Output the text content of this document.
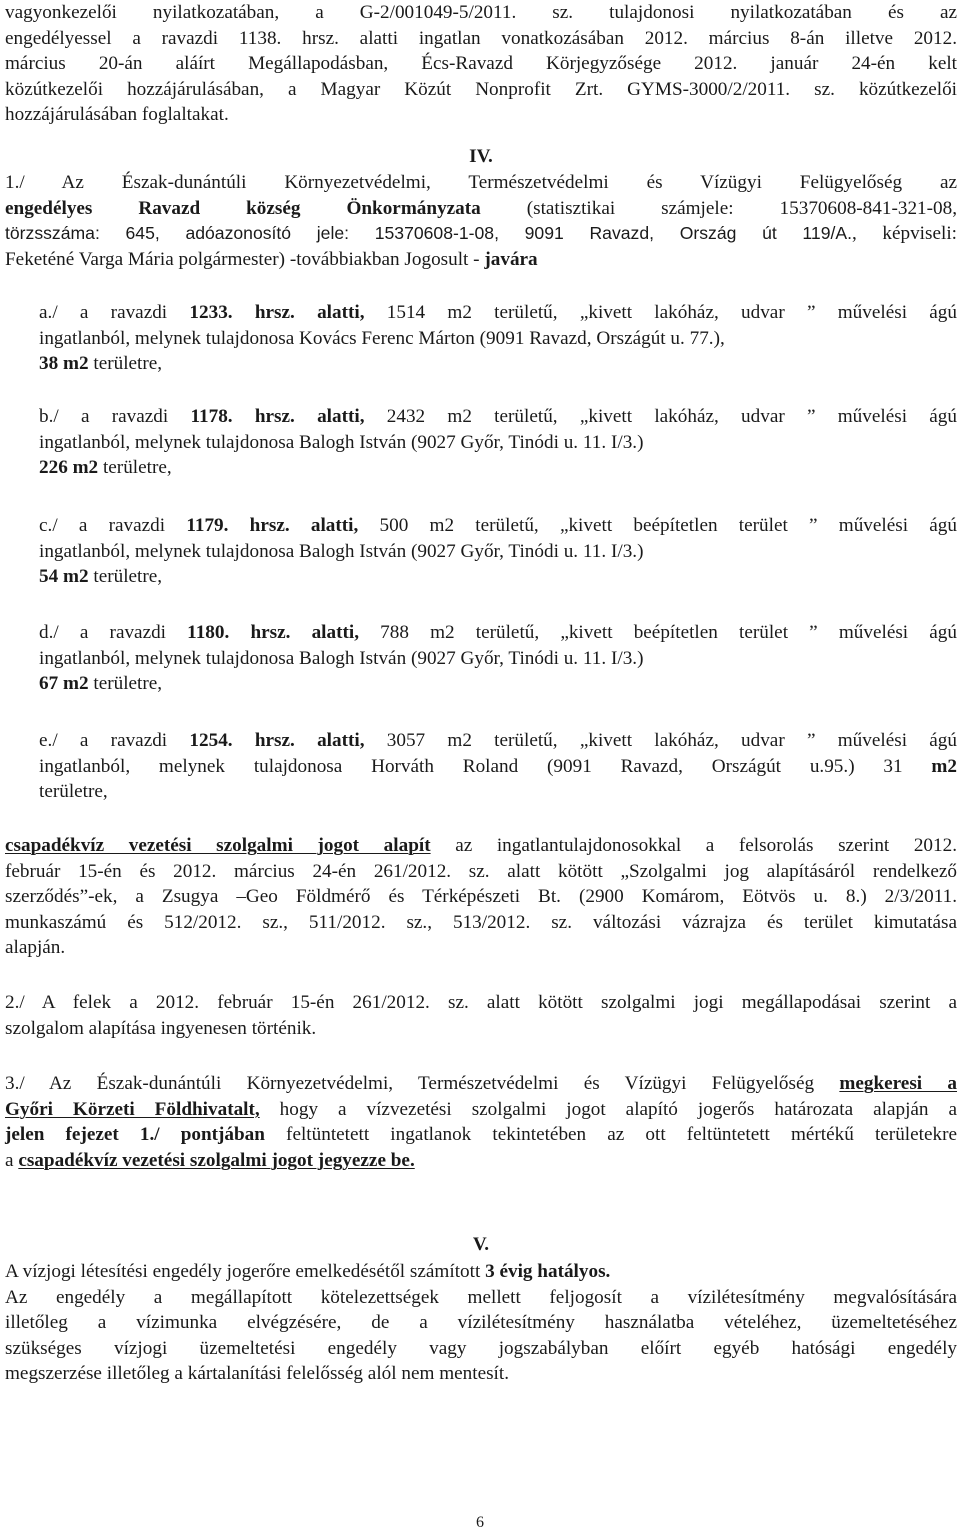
vagyonkezelői nyilatkozatában, a G-2/001049-5/2011. sz. tulajdonosi nyilatkozatában és az

engedélyessel a ravazdi 1138. hrsz. alatti ingatlan vonatkozásában 2012. március 8-án illetve 2012.

március 20-án aláírt Megállapodásban, Écs-Ravazd Körjegyzősége 2012. január 24-én kelt

közútkezelői hozzájárulásában, a Magyar Közút Nonprofit Zrt. GYMS-3000/2/2011. sz. közútkezelői

hozzájárulásában foglaltakat.

IV.

1./ Az Észak-dunántúli Környezetvédelmi, Természetvédelmi és Vízügyi Felügyelőség az

engedélyes Ravazd község Önkormányzata (statisztikai számjele: 15370608-841-321-08,

törzsszáma: 645, adóazonosító jele: 15370608-1-08, 9091 Ravazd, Ország út 119/A., képviseli:

Feketéné Varga Mária polgármester) -továbbiakban Jogosult - javára

a./ a ravazdi 1233. hrsz. alatti, 1514 m2 területű, „kivett lakóház, udvar ” művelési ágú

ingatlanból, melynek tulajdonosa Kovács Ferenc Márton (9091 Ravazd, Országút u. 77.),

38 m2 területre,

b./ a ravazdi 1178. hrsz. alatti, 2432 m2 területű, „kivett lakóház, udvar ” művelési ágú

ingatlanból, melynek tulajdonosa Balogh István (9027 Győr, Tinódi u. 11. I/3.)

226 m2 területre,

c./ a ravazdi 1179. hrsz. alatti, 500 m2 területű, „kivett beépítetlen terület ” művelési ágú

ingatlanból, melynek tulajdonosa Balogh István (9027 Győr, Tinódi u. 11. I/3.)

54 m2 területre,

d./ a ravazdi 1180. hrsz. alatti, 788 m2 területű, „kivett beépítetlen terület ” művelési ágú

ingatlanból, melynek tulajdonosa Balogh István (9027 Győr, Tinódi u. 11. I/3.)

67 m2 területre,

e./ a ravazdi 1254. hrsz. alatti, 3057 m2 területű, „kivett lakóház, udvar ” művelési ágú

ingatlanból, melynek tulajdonosa Horváth Roland (9091 Ravazd, Országút u.95.) 31 m2

területre,

csapadékvíz vezetési szolgalmi jogot alapít az ingatlantulajdonosokkal a felsorolás szerint 2012.

február 15-én és 2012. március 24-én 261/2012. sz. alatt kötött „Szolgalmi jog alapításáról rendelkező

szerződés”-ek, a Zsugya –Geo Földmérő és Térképészeti Bt. (2900 Komárom, Eötvös u. 8.) 2/3/2011.

munkaszámú és 512/2012. sz., 511/2012. sz., 513/2012. sz. változási vázrajza és terület kimutatása

alapján.

2./ A felek a 2012. február 15-én 261/2012. sz. alatt kötött szolgalmi jogi megállapodásai szerint a

szolgalom alapítása ingyenesen történik.

3./ Az Észak-dunántúli Környezetvédelmi, Természetvédelmi és Vízügyi Felügyelőség megkeresi a

Győri Körzeti Földhivatalt, hogy a vízvezetési szolgalmi jogot alapító jogerős határozata alapján a

jelen fejezet 1./ pontjában feltüntetett ingatlanok tekintetében az ott feltüntetett mértékű területekre

a csapadékvíz vezetési szolgalmi jogot jegyezze be.

V.

A vízjogi létesítési engedély jogerőre emelkedésétől számított 3 évig hatályos.

Az engedély a megállapított kötelezettségek mellett feljogosít a vízilétesítmény megvalósítására

illetőleg a vízimunka elvégzésére, de a vízilétesítmény használatba vételéhez, üzemeltetéséhez

szükséges vízjogi üzemeltetési engedély vagy jogszabályban előírt egyéb hatósági engedély

megszerzése illetőleg a kártalanítási felelősség alól nem mentesít.

6
